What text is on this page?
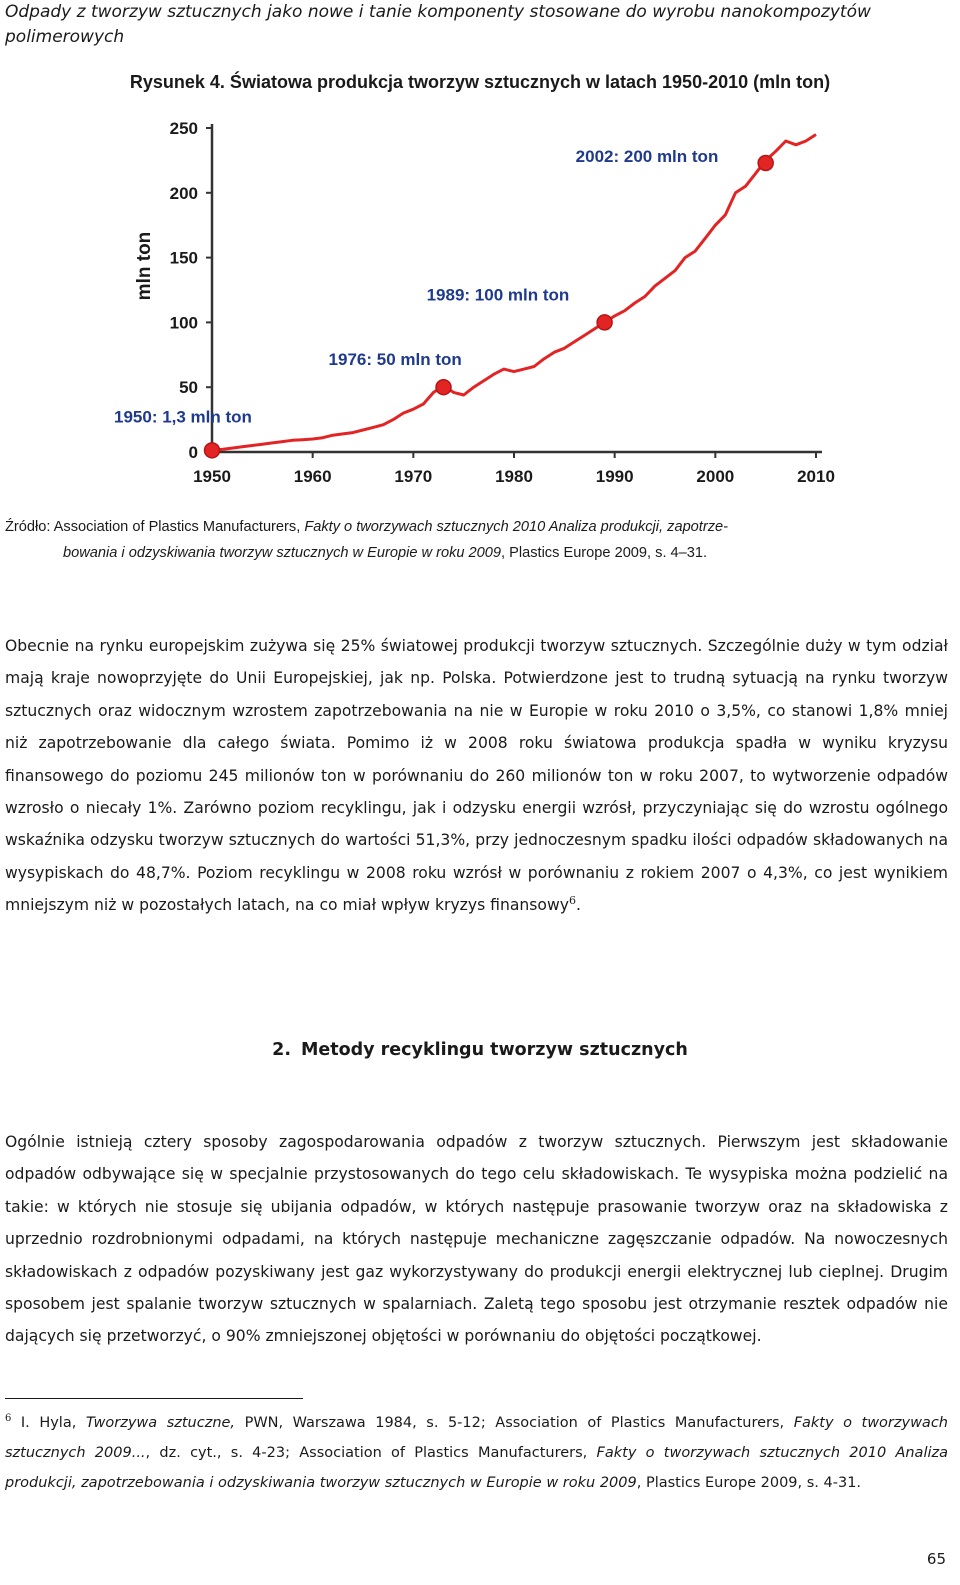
Odpady z tworzyw sztucznych jako nowe i tanie komponenty stosowane do wyrobu nanokompozytów polimerowych
Rysunek 4. Światowa produkcja tworzyw sztucznych w latach 1950-2010 (mln ton)
0
50
100
150
200
250
1950	1960	1970	1980	1990	2000	2010
mln ton
1950: 1,3 mln ton
1976: 50 mln ton
1989: 100 mln ton
2002: 200 mln ton
Źródło: Association of Plastics Manufacturers, Fakty o tworzywach sztucznych 2010 Analiza produkcji, zapotrze-
bowania i odzyskiwania tworzyw sztucznych w Europie w roku 2009, Plastics Europe 2009, s. 4–31.
Obecnie na rynku europejskim zużywa się 25% światowej produkcji tworzyw sztucznych. Szczególnie duży w tym odział mają kraje nowoprzyjęte do Unii Europejskiej, jak np. Polska. Potwierdzone jest to trudną sytuacją na rynku tworzyw sztucznych oraz widocznym wzrostem zapotrzebowania na nie w Europie w roku 2010 o 3,5%, co stanowi 1,8% mniej niż zapotrzebowanie dla całego świata. Pomimo iż w 2008 roku światowa produkcja spadła w wyniku kryzysu finansowego do poziomu 245 milionów ton w porównaniu do 260 milionów ton w roku 2007, to wytworzenie odpadów wzrosło o niecały 1%. Zarówno poziom recyklingu, jak i odzysku energii wzrósł, przyczyniając się do wzrostu ogólnego wskaźnika odzysku tworzyw sztucznych do wartości 51,3%, przy jednoczesnym spadku ilości odpadów składowanych na wysypiskach do 48,7%. Poziom recyklingu w 2008 roku wzrósł w porównaniu z rokiem 2007 o 4,3%, co jest wynikiem mniejszym niż w pozostałych latach, na co miał wpływ kryzys finansowy$^6$.
2. Metody recyklingu tworzyw sztucznych
Ogólnie istnieją cztery sposoby zagospodarowania odpadów z tworzyw sztucznych. Pierwszym jest składowanie odpadów odbywające się w specjalnie przystosowanych do tego celu składowiskach. Te wysypiska można podzielić na takie: w których nie stosuje się ubijania odpadów, w których następuje prasowanie tworzyw oraz na składowiska z uprzednio rozdrobnionymi odpadami, na których następuje mechaniczne zagęszczanie odpadów. Na nowoczesnych składowiskach z odpadów pozyskiwany jest gaz wykorzystywany do produkcji energii elektrycznej lub cieplnej. Drugim sposobem jest spalanie tworzyw sztucznych w spalarniach. Zaletą tego sposobu jest otrzymanie resztek odpadów nie dających się przetworzyć, o 90% zmniejszonej objętości w porównaniu do objętości początkowej.
$^6$ I. Hyla, Tworzywa sztuczne, PWN, Warszawa 1984, s. 5-12; Association of Plastics Manufacturers, Fakty o tworzywach sztucznych 2009..., dz. cyt., s. 4-23; Association of Plastics Manufacturers, Fakty o tworzywach sztucznych 2010 Analiza produkcji, zapotrzebowania i odzyskiwania tworzyw sztucznych w Europie w roku 2009, Plastics Europe 2009, s. 4-31.
65
